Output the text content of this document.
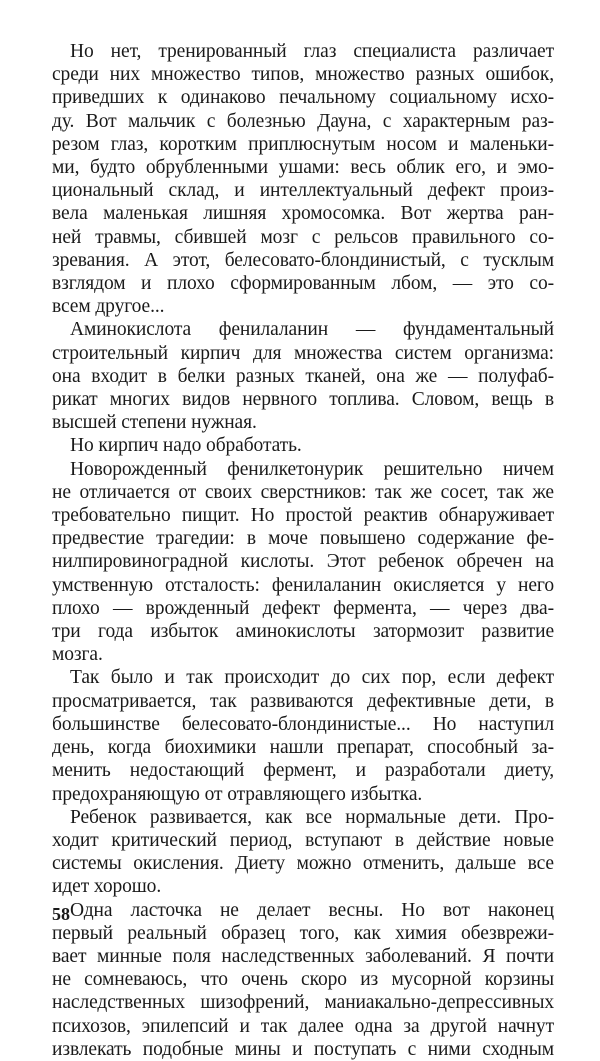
Но нет, тренированный глаз специалиста различает
среди них множество типов, множество разных ошибок,
приведших к одинаково печальному социальному исхо-
ду. Вот мальчик с болезнью Дауна, с характерным раз-
резом глаз, коротким приплюснутым носом и маленьки-
ми, будто обрубленными ушами: весь облик его, и эмо-
циональный склад, и интеллектуальный дефект произ-
вела маленькая лишняя хромосомка. Вот жертва ран-
ней травмы, сбившей мозг с рельсов правильного со-
зревания. А этот, белесовато-блондинистый, с тусклым
взглядом и плохо сформированным лбом, — это со-
всем другое...

Аминокислота фенилаланин — фундаментальный
строительный кирпич для множества систем организма:
она входит в белки разных тканей, она же — полуфаб-
рикат многих видов нервного топлива. Словом, вещь в
высшей степени нужная.

Но кирпич надо обработать.

Новорожденный фенилкетонурик решительно ничем
не отличается от своих сверстников: так же сосет, так же
требовательно пищит. Но простой реактив обнаруживает
предвестие трагедии: в моче повышено содержание фе-
нилпировиноградной кислоты. Этот ребенок обречен на
умственную отсталость: фенилаланин окисляется у него
плохо — врожденный дефект фермента, — через два-
три года избыток аминокислоты затормозит развитие
мозга.

Так было и так происходит до сих пор, если дефект
просматривается, так развиваются дефективные дети, в
большинстве белесовато-блондинистые... Но наступил
день, когда биохимики нашли препарат, способный за-
менить недостающий фермент, и разработали диету,
предохраняющую от отравляющего избытка.

Ребенок развивается, как все нормальные дети. Про-
ходит критический период, вступают в действие новые
системы окисления. Диету можно отменить, дальше все
идет хорошо.

Одна ласточка не делает весны. Но вот наконец
первый реальный образец того, как химия обезврежи-
вает минные поля наследственных заболеваний. Я почти
не сомневаюсь, что очень скоро из мусорной корзины
наследственных шизофрений, маниакально-депрессивных
психозов, эпилепсий и так далее одна за другой начнут
извлекать подобные мины и поступать с ними сходным

58
